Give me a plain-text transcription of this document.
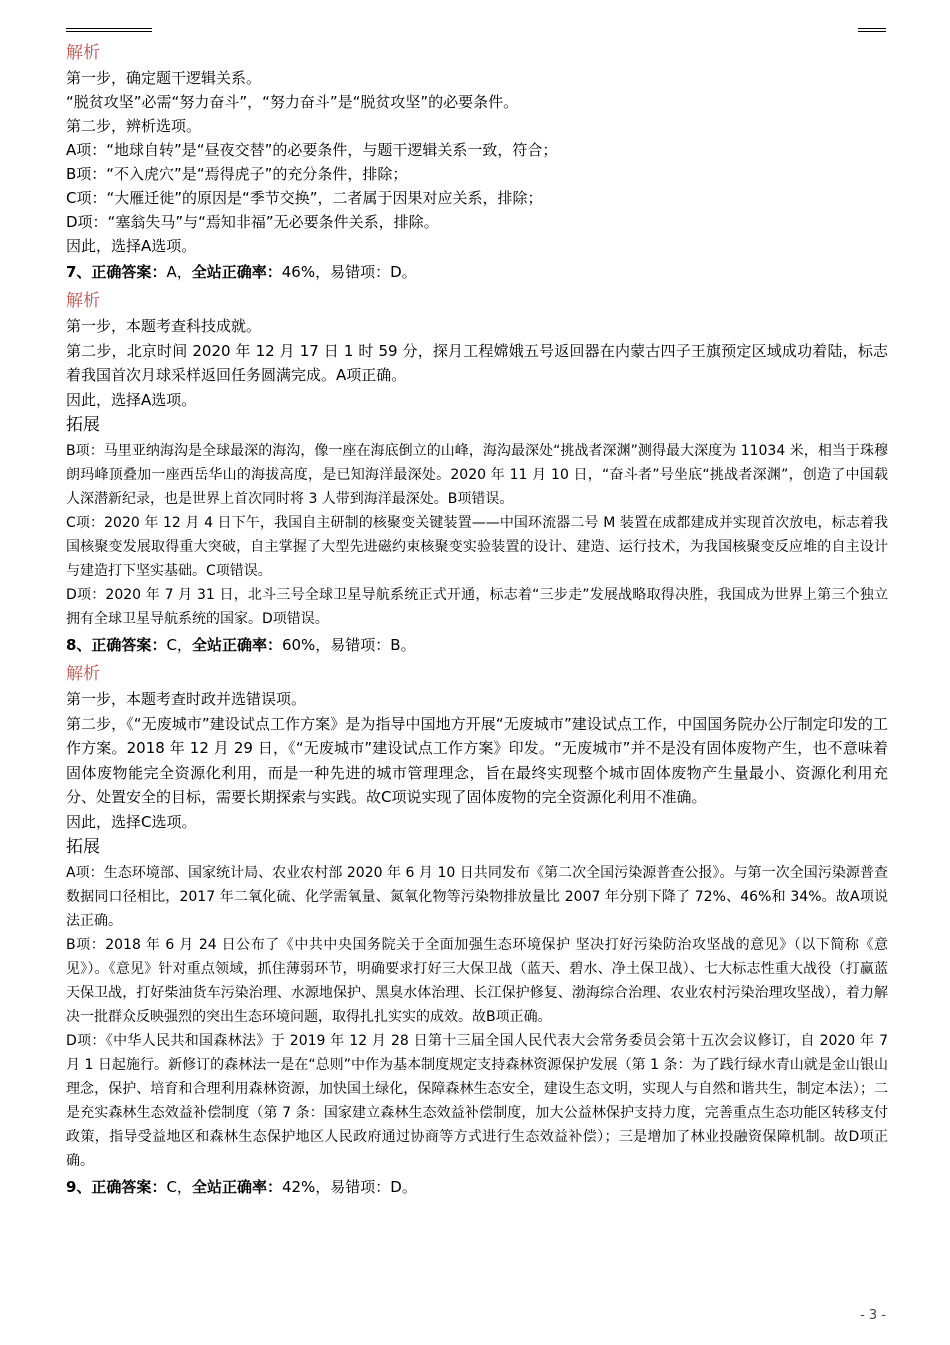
解析
第一步，确定题干逻辑关系。
“脱贫攻坚”必需“努力奋斗”，“努力奋斗”是“脱贫攻坚”的必要条件。
第二步，辨析选项。
A项：“地球自转”是“昼夜交替”的必要条件，与题干逻辑关系一致，符合；
B项：“不入虎穴”是“焉得虎子”的充分条件，排除；
C项：“大雁迁徙”的原因是“季节交换”，二者属于因果对应关系，排除；
D项：“塞翁失马”与“焉知非福”无必要条件关系，排除。
因此，选择A选项。
7、正确答案：A，全站正确率：46%，易错项：D。
解析
第一步，本题考查科技成就。
第二步，北京时间 2020 年 12 月 17 日 1 时 59 分，探月工程嫦娥五号返回器在内蒙古四子王旗预定区域成功着陆，标志着我国首次月球采样返回任务圆满完成。A项正确。
因此，选择A选项。
拓展
B项：马里亚纳海沟是全球最深的海沟，像一座在海底倒立的山峰，海沟最深处“挑战者深渊”测得最大深度为 11034 米，相当于珠穆朗玛峰顶叠加一座西岳华山的海拔高度，是已知海洋最深处。2020 年 11 月 10 日，“奋斗者”号坐底“挑战者深渊”，创造了中国载人深潜新纪录，也是世界上首次同时将 3 人带到海洋最深处。B项错误。
C项：2020 年 12 月 4 日下午，我国自主研制的核聚变关键装置——中国环流器二号 M 装置在成都建成并实现首次放电，标志着我国核聚变发展取得重大突破，自主掌握了大型先进磁约束核聚变实验装置的设计、建造、运行技术，为我国核聚变反应堆的自主设计与建造打下坚实基础。C项错误。
D项：2020 年 7 月 31 日，北斗三号全球卫星导航系统正式开通，标志着“三步走”发展战略取得决胜，我国成为世界上第三个独立拥有全球卫星导航系统的国家。D项错误。
8、正确答案：C，全站正确率：60%，易错项：B。
解析
第一步，本题考查时政并选错误项。
第二步，《“无废城市”建设试点工作方案》是为指导中国地方开展“无废城市”建设试点工作，中国国务院办公厅制定印发的工作方案。2018 年 12 月 29 日，《“无废城市”建设试点工作方案》印发。“无废城市”并不是没有固体废物产生，也不意味着固体废物能完全资源化利用，而是一种先进的城市管理理念，旨在最终实现整个城市固体废物产生量最小、资源化利用充分、处置安全的目标，需要长期探索与实践。故C项说实现了固体废物的完全资源化利用不准确。
因此，选择C选项。
拓展
A项：生态环境部、国家统计局、农业农村部 2020 年 6 月 10 日共同发布《第二次全国污染源普查公报》。与第一次全国污染源普查数据同口径相比，2017 年二氧化硫、化学需氧量、氮氧化物等污染物排放量比 2007 年分别下降了 72%、46%和 34%。故A项说法正确。
B项：2018 年 6 月 24 日公布了《中共中央国务院关于全面加强生态环境保护 坚决打好污染防治攻坚战的意见》（以下简称《意见》）。《意见》针对重点领域，抓住薄弱环节，明确要求打好三大保卫战（蓝天、碧水、净土保卫战）、七大标志性重大战役（打赢蓝天保卫战，打好柴油货车污染治理、水源地保护、黑臭水体治理、长江保护修复、渤海综合治理、农业农村污染治理攻坚战），着力解决一批群众反映强烈的突出生态环境问题，取得扎扎实实的成效。故B项正确。
D项：《中华人民共和国森林法》于 2019 年 12 月 28 日第十三届全国人民代表大会常务委员会第十五次会议修订，自 2020 年 7 月 1 日起施行。新修订的森林法一是在“总则”中作为基本制度规定支持森林资源保护发展（第 1 条：为了践行绿水青山就是金山银山理念，保护、培育和合理利用森林资源，加快国土绿化，保障森林生态安全，建设生态文明，实现人与自然和谐共生，制定本法）；二是充实森林生态效益补偿制度（第 7 条：国家建立森林生态效益补偿制度，加大公益林保护支持力度，完善重点生态功能区转移支付政策，指导受益地区和森林生态保护地区人民政府通过协商等方式进行生态效益补偿）；三是增加了林业投融资保障机制。故D项正确。
9、正确答案：C，全站正确率：42%，易错项：D。
- 3 -
